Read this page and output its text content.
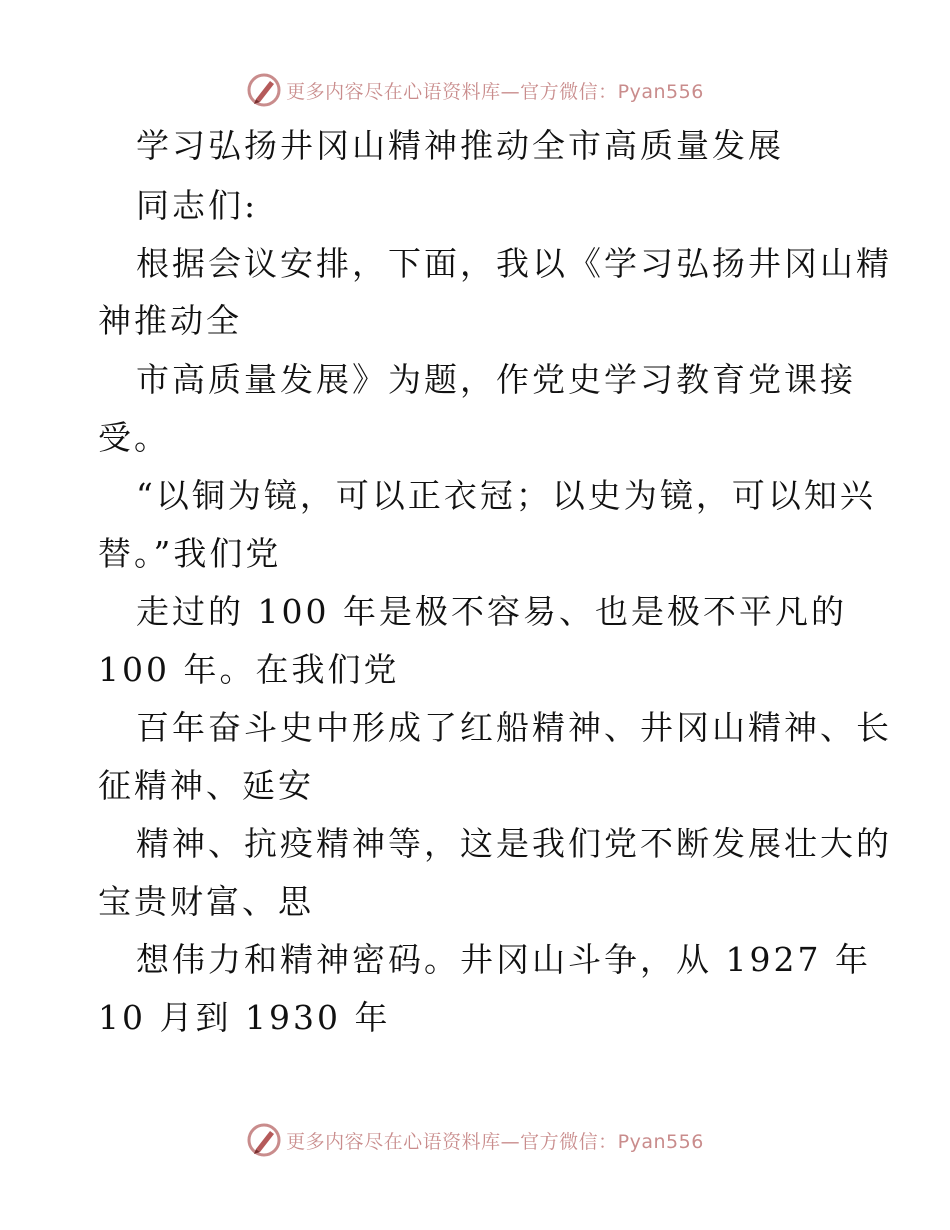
更多内容尽在心语资料库—官方微信：Pyan556
学习弘扬井冈山精神推动全市高质量发展
同志们:
根据会议安排，下面，我以《学习弘扬井冈山精
神推动全
市高质量发展》为题，作党史学习教育党课接
受。
“以铜为镜，可以正衣冠；以史为镜，可以知兴
替。”我们党
走过的 100 年是极不容易、也是极不平凡的
100 年。在我们党
百年奋斗史中形成了红船精神、井冈山精神、长
征精神、延安
精神、抗疫精神等，这是我们党不断发展壮大的
宝贵财富、思
想伟力和精神密码。井冈山斗争，从 1927 年
10 月到 1930 年
更多内容尽在心语资料库—官方微信：Pyan556
